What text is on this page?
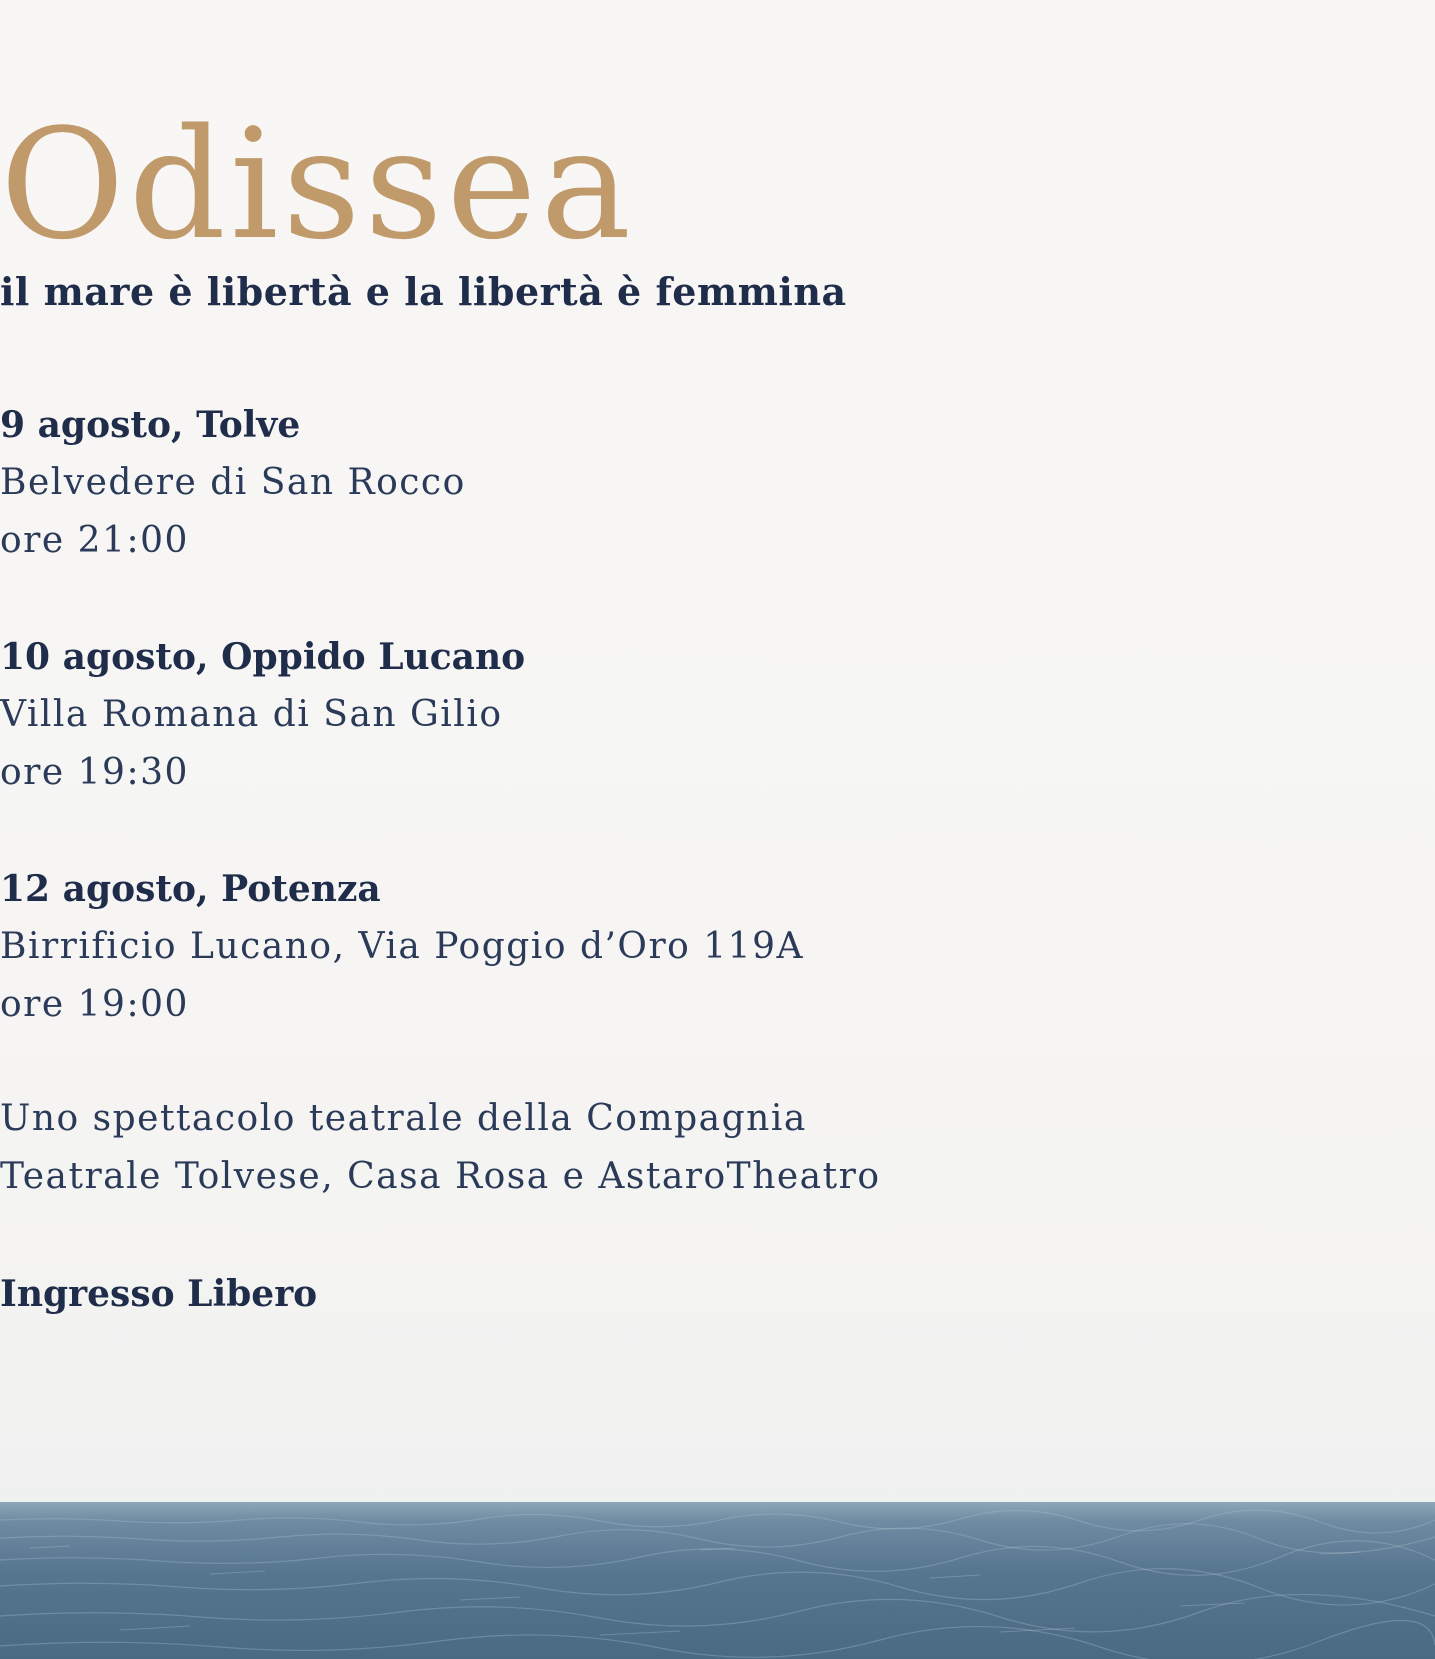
Odissea
il mare è libertà e la libertà è femmina
9 agosto, Tolve
Belvedere di San Rocco
ore 21:00
10 agosto, Oppido Lucano
Villa Romana di San Gilio
ore 19:30
12 agosto, Potenza
Birrificio Lucano, Via Poggio d’Oro 119A
ore 19:00
Uno spettacolo teatrale della Compagnia
Teatrale Tolvese, Casa Rosa e AstaroTheatro
Ingresso Libero
